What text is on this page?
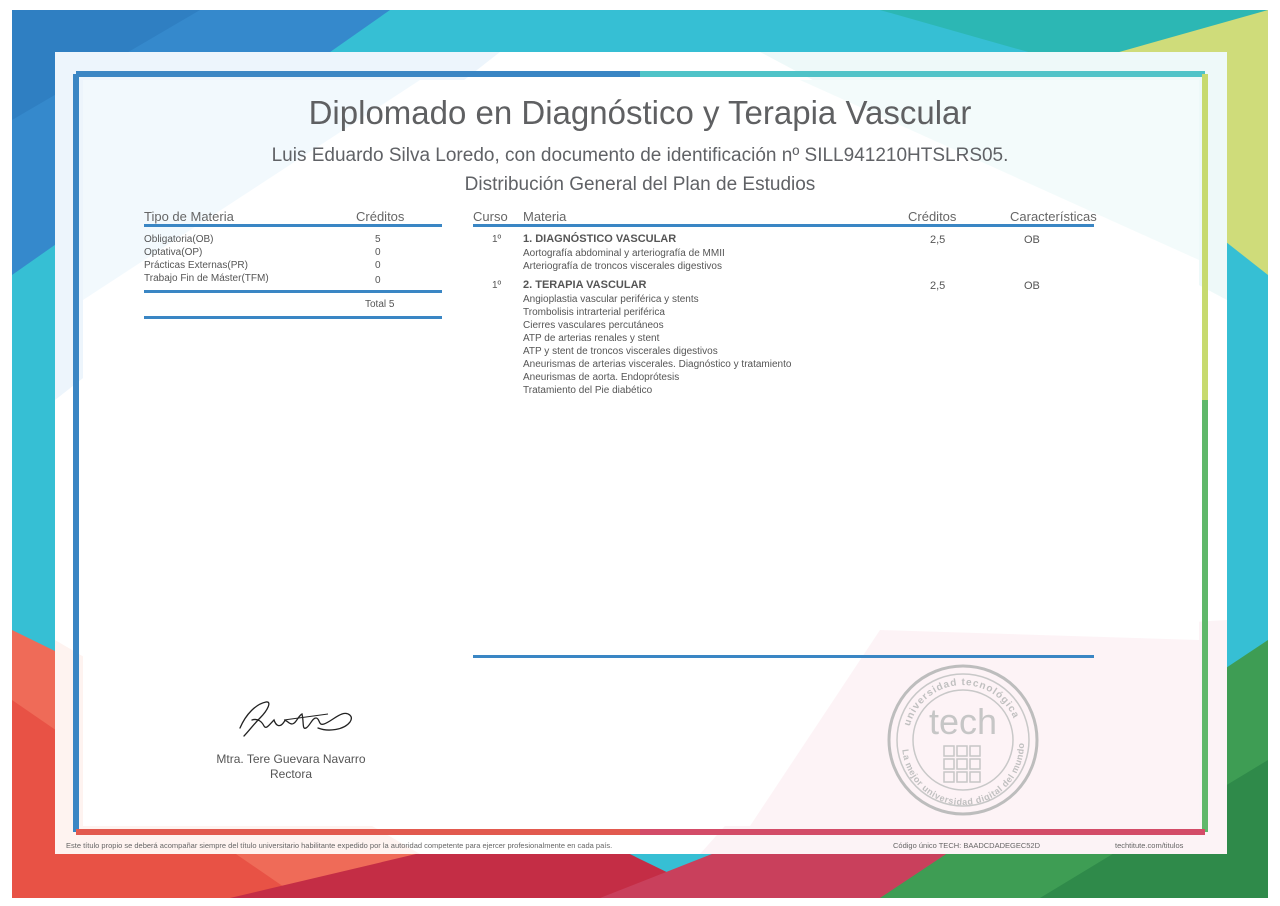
Diplomado en Diagnóstico y Terapia Vascular
Luis Eduardo Silva Loredo, con documento de identificación nº SILL941210HTSLRS05.
Distribución General del Plan de Estudios
Tipo de Materia	Créditos
Obligatoria(OB)	5
Optativa(OP)	0
Prácticas Externas(PR)	0
Trabajo Fin de Máster(TFM)	0
Total 5
Curso Materia	Créditos	Características
1º 1. DIAGNÓSTICO VASCULAR	2,5	OB
Aortografía abdominal y arteriografía de MMII
Arteriografía de troncos viscerales digestivos
1º 2. TERAPIA VASCULAR	2,5	OB
Angioplastia vascular periférica y stents
Trombolisis intrarterial periférica
Cierres vasculares percutáneos
ATP de arterias renales y stent
ATP y stent de troncos viscerales digestivos
Aneurismas de arterias viscerales. Diagnóstico y tratamiento
Aneurismas de aorta. Endoprótesis
Tratamiento del Pie diabético
Mtra. Tere Guevara Navarro
Rectora
universidad tecnológica
La mejor universidad digital del mundo
tech
Este título propio se deberá acompañar siempre del título universitario habilitante expedido por la autoridad competente para ejercer profesionalmente en cada país.	Código único TECH: BAADCDADEGEC52D	techtitute.com/titulos
